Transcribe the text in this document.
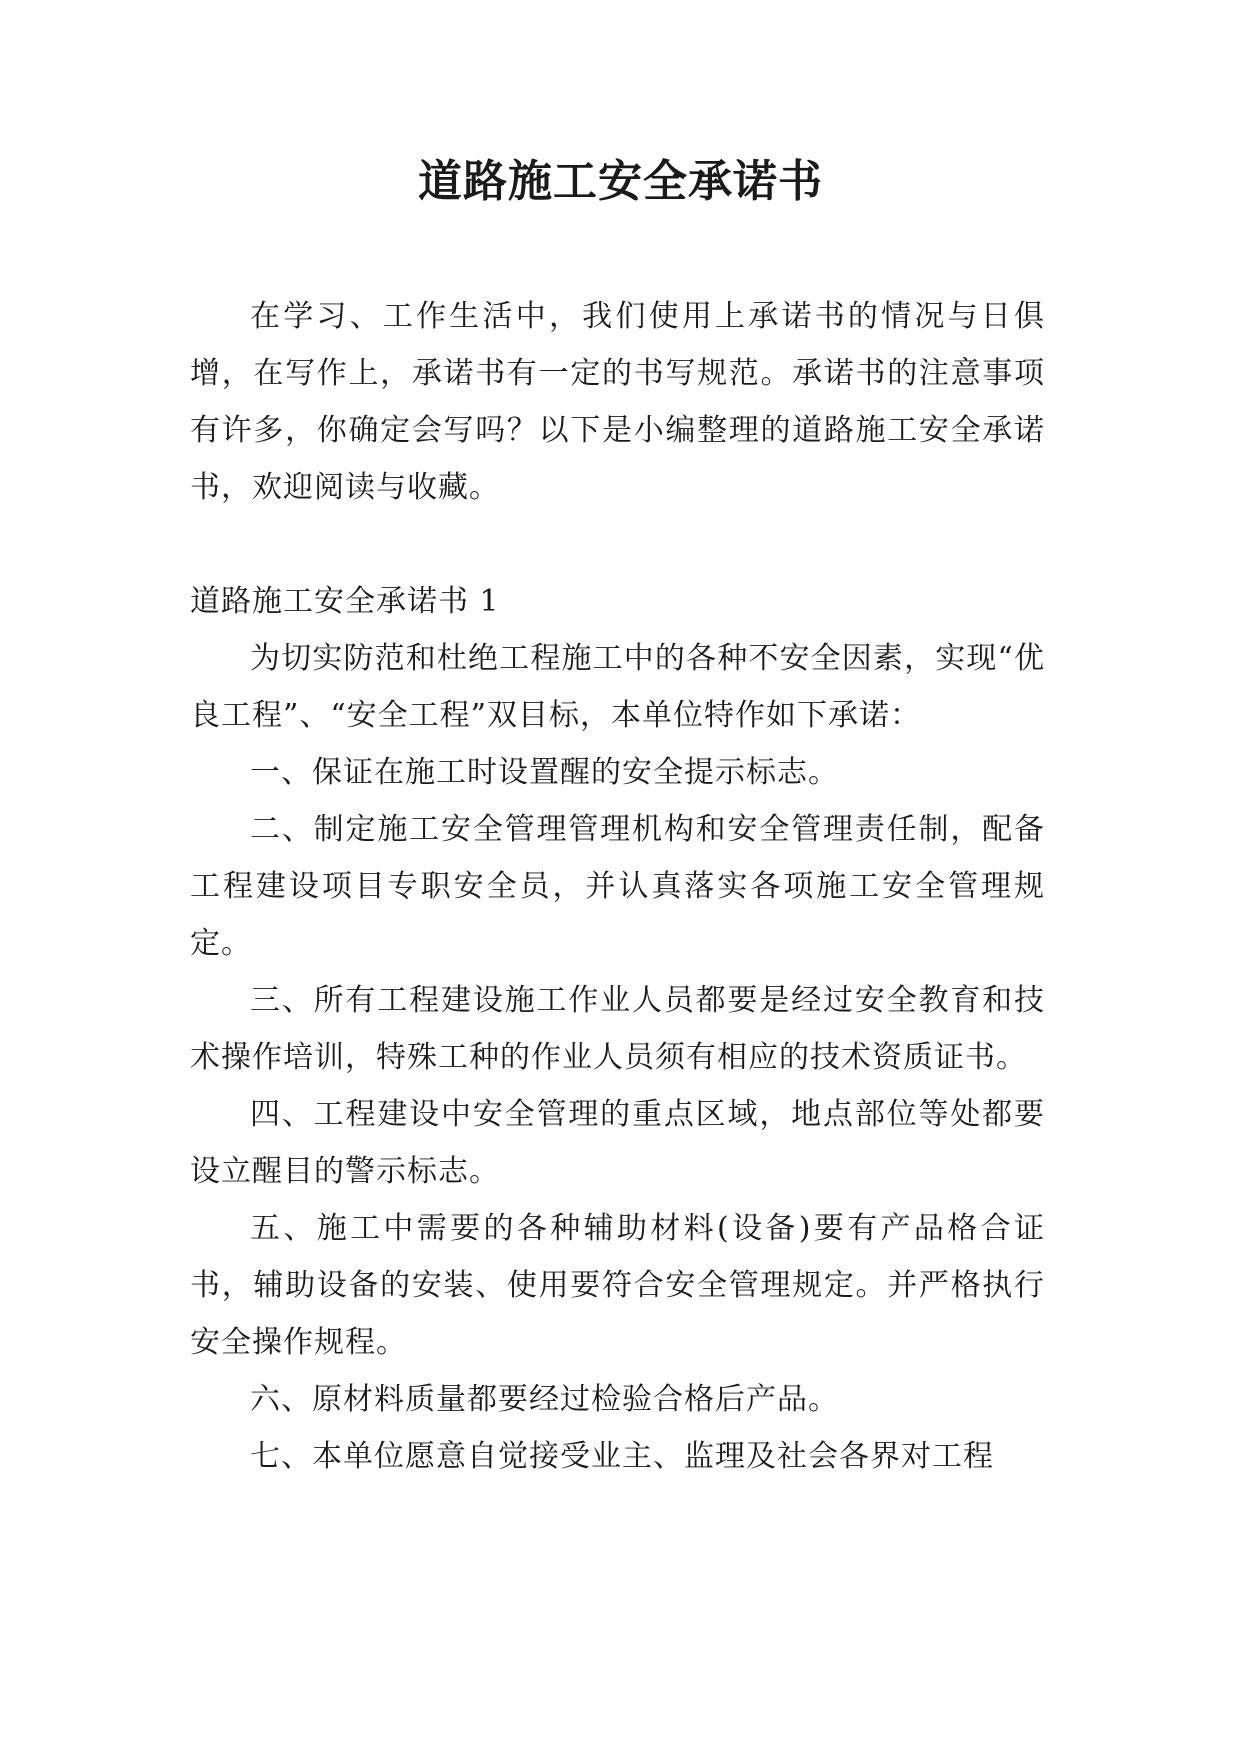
道路施工安全承诺书

在学习、工作生活中，我们使用上承诺书的情况与日俱增，在写作上，承诺书有一定的书写规范。承诺书的注意事项有许多，你确定会写吗？以下是小编整理的道路施工安全承诺书，欢迎阅读与收藏。

道路施工安全承诺书 1

为切实防范和杜绝工程施工中的各种不安全因素，实现“优良工程”、“安全工程”双目标，本单位特作如下承诺：

一、保证在施工时设置醒的安全提示标志。

二、制定施工安全管理管理机构和安全管理责任制，配备工程建设项目专职安全员，并认真落实各项施工安全管理规定。

三、所有工程建设施工作业人员都要是经过安全教育和技术操作培训，特殊工种的作业人员须有相应的技术资质证书。

四、工程建设中安全管理的重点区域，地点部位等处都要设立醒目的警示标志。

五、施工中需要的各种辅助材料(设备)要有产品格合证书，辅助设备的安装、使用要符合安全管理规定。并严格执行安全操作规程。

六、原材料质量都要经过检验合格后产品。

七、本单位愿意自觉接受业主、监理及社会各界对工程
